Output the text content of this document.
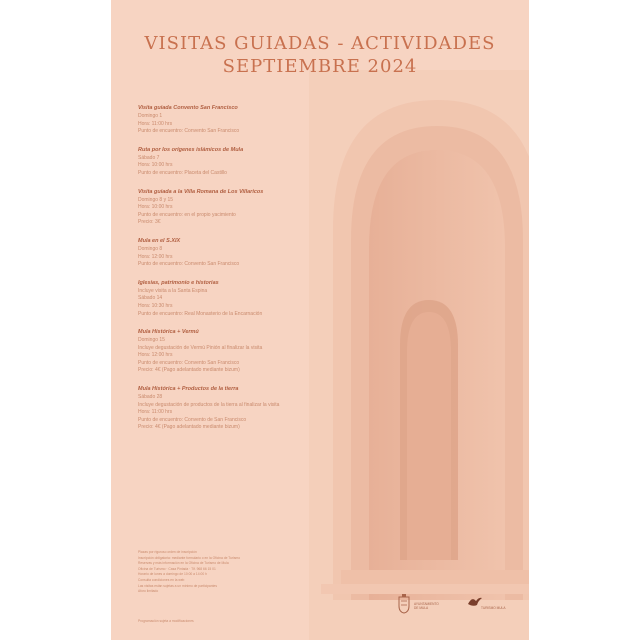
VISITAS GUIADAS - ACTIVIDADES
SEPTIEMBRE 2024
Visita guiada Convento San Francisco
Domingo 1
Hora: 11:00 hrs
Punto de encuentro: Convento San Francisco
Ruta por los orígenes islámicos de Mula
Sábado 7
Hora: 10:00 hrs
Punto de encuentro: Placeta del Castillo
Visita guiada a la Villa Romana de Los Villaricos
Domingo 8 y 15
Hora: 10:00 hrs
Punto de encuentro: en el propio yacimiento
Precio: 3€
Mula en el S.XIX
Domingo 8
Hora: 12:00 hrs
Punto de encuentro: Convento San Francisco
Iglesias, patrimonio e historias
Incluye visita a la Santa Espina
Sábado 14
Hora: 10:30 hrs
Punto de encuentro: Real Monasterio de la Encarnación
Mula Histórica + Vermú
Domingo 15
Incluye degustación de Vermú Pinión al finalizar la visita
Hora: 12:00 hrs
Punto de encuentro: Convento San Francisco
Precio: 4€ (Pago adelantado mediante bizum)
Mula Histórica + Productos de la tierra
Sábado 28
Incluye degustación de productos de la tierra al finalizar la visita
Hora: 11:00 hrs
Punto de encuentro: Convento de San Francisco
Precio: 4€ (Pago adelantado mediante bizum)
Plazas por riguroso orden de inscripción
Inscripción obligatoria: mediante formulario o en la Oficina de Turismo
Reservas y más información en la Oficina de Turismo de Mula
Oficina de Turismo · Casa Pintada · Tlf. 968 66 15 01
Horario de lunes a domingo de 10:00 a 14:00 h
Consulta condiciones en la web
Las visitas están sujetas a un mínimo de participantes
Aforo limitado
Programación sujeta a modificaciones
AYUNTAMIENTO DE MULA	TURISMO MULA
